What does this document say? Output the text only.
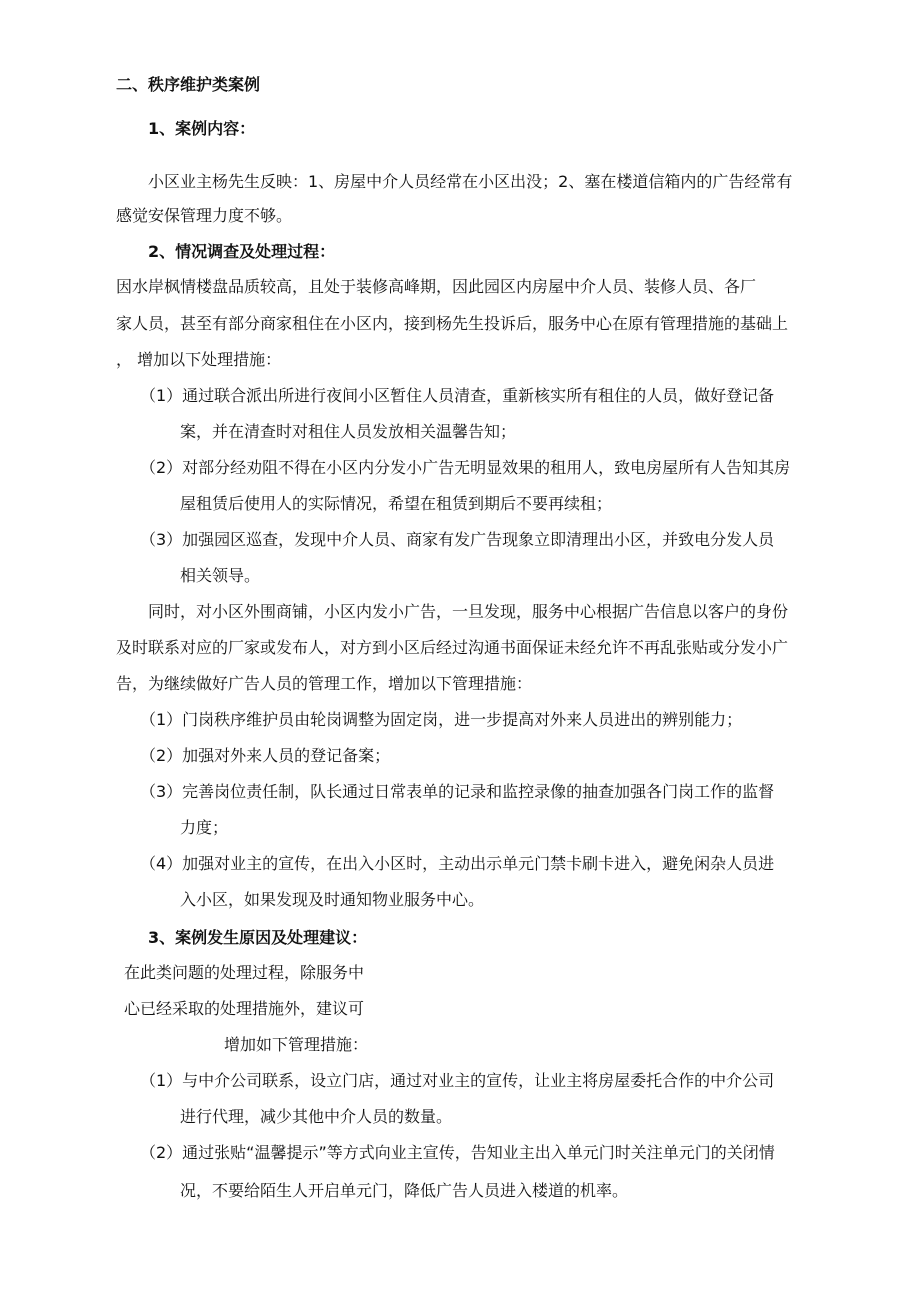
二、秩序维护类案例
1、案例内容：
小区业主杨先生反映：1、房屋中介人员经常在小区出没；2、塞在楼道信箱内的广告经常有
感觉安保管理力度不够。
2、情况调查及处理过程：
因水岸枫情楼盘品质较高，且处于装修高峰期，因此园区内房屋中介人员、装修人员、各厂
家人员，甚至有部分商家租住在小区内，接到杨先生投诉后，服务中心在原有管理措施的基础上
， 增加以下处理措施：
（1）通过联合派出所进行夜间小区暂住人员清查，重新核实所有租住的人员，做好登记备
案，并在清查时对租住人员发放相关温馨告知；
（2）对部分经劝阻不得在小区内分发小广告无明显效果的租用人，致电房屋所有人告知其房
屋租赁后使用人的实际情况，希望在租赁到期后不要再续租；
（3）加强园区巡查，发现中介人员、商家有发广告现象立即清理出小区，并致电分发人员
相关领导。
同时，对小区外围商铺，小区内发小广告，一旦发现，服务中心根据广告信息以客户的身份
及时联系对应的厂家或发布人，对方到小区后经过沟通书面保证未经允许不再乱张贴或分发小广
告，为继续做好广告人员的管理工作，增加以下管理措施：
（1）门岗秩序维护员由轮岗调整为固定岗，进一步提高对外来人员进出的辨别能力；
（2）加强对外来人员的登记备案；
（3）完善岗位责任制，队长通过日常表单的记录和监控录像的抽查加强各门岗工作的监督
力度；
（4）加强对业主的宣传，在出入小区时，主动出示单元门禁卡刷卡进入，避免闲杂人员进
入小区，如果发现及时通知物业服务中心。
3、案例发生原因及处理建议：
在此类问题的处理过程，除服务中
心已经采取的处理措施外，建议可
增加如下管理措施：
（1）与中介公司联系，设立门店，通过对业主的宣传，让业主将房屋委托合作的中介公司
进行代理，减少其他中介人员的数量。
（2）通过张贴“温馨提示”等方式向业主宣传，告知业主出入单元门时关注单元门的关闭情
况，不要给陌生人开启单元门，降低广告人员进入楼道的机率。
